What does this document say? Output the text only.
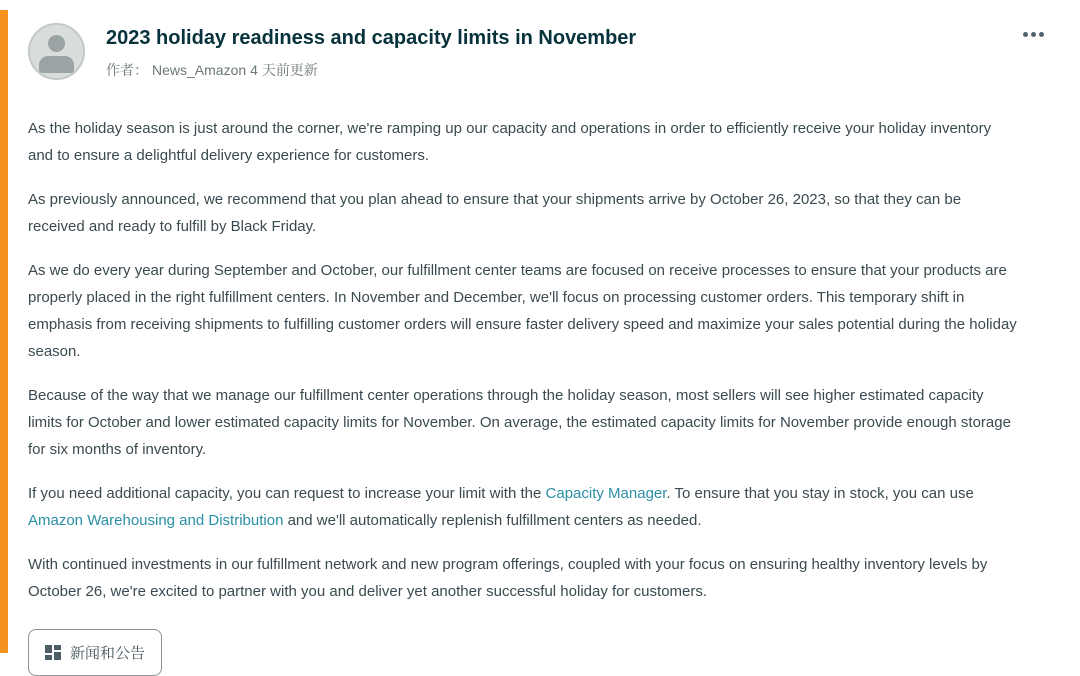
2023 holiday readiness and capacity limits in November
作者： News_Amazon 4 天前更新

As the holiday season is just around the corner, we're ramping up our capacity and operations in order to efficiently receive your holiday inventory and to ensure a delightful delivery experience for customers.

As previously announced, we recommend that you plan ahead to ensure that your shipments arrive by October 26, 2023, so that they can be received and ready to fulfill by Black Friday.

As we do every year during September and October, our fulfillment center teams are focused on receive processes to ensure that your products are properly placed in the right fulfillment centers. In November and December, we'll focus on processing customer orders. This temporary shift in emphasis from receiving shipments to fulfilling customer orders will ensure faster delivery speed and maximize your sales potential during the holiday season.

Because of the way that we manage our fulfillment center operations through the holiday season, most sellers will see higher estimated capacity limits for October and lower estimated capacity limits for November. On average, the estimated capacity limits for November provide enough storage for six months of inventory.

If you need additional capacity, you can request to increase your limit with the Capacity Manager. To ensure that you stay in stock, you can use Amazon Warehousing and Distribution and we'll automatically replenish fulfillment centers as needed.

With continued investments in our fulfillment network and new program offerings, coupled with your focus on ensuring healthy inventory levels by October 26, we're excited to partner with you and deliver yet another successful holiday for customers.

新闻和公告
